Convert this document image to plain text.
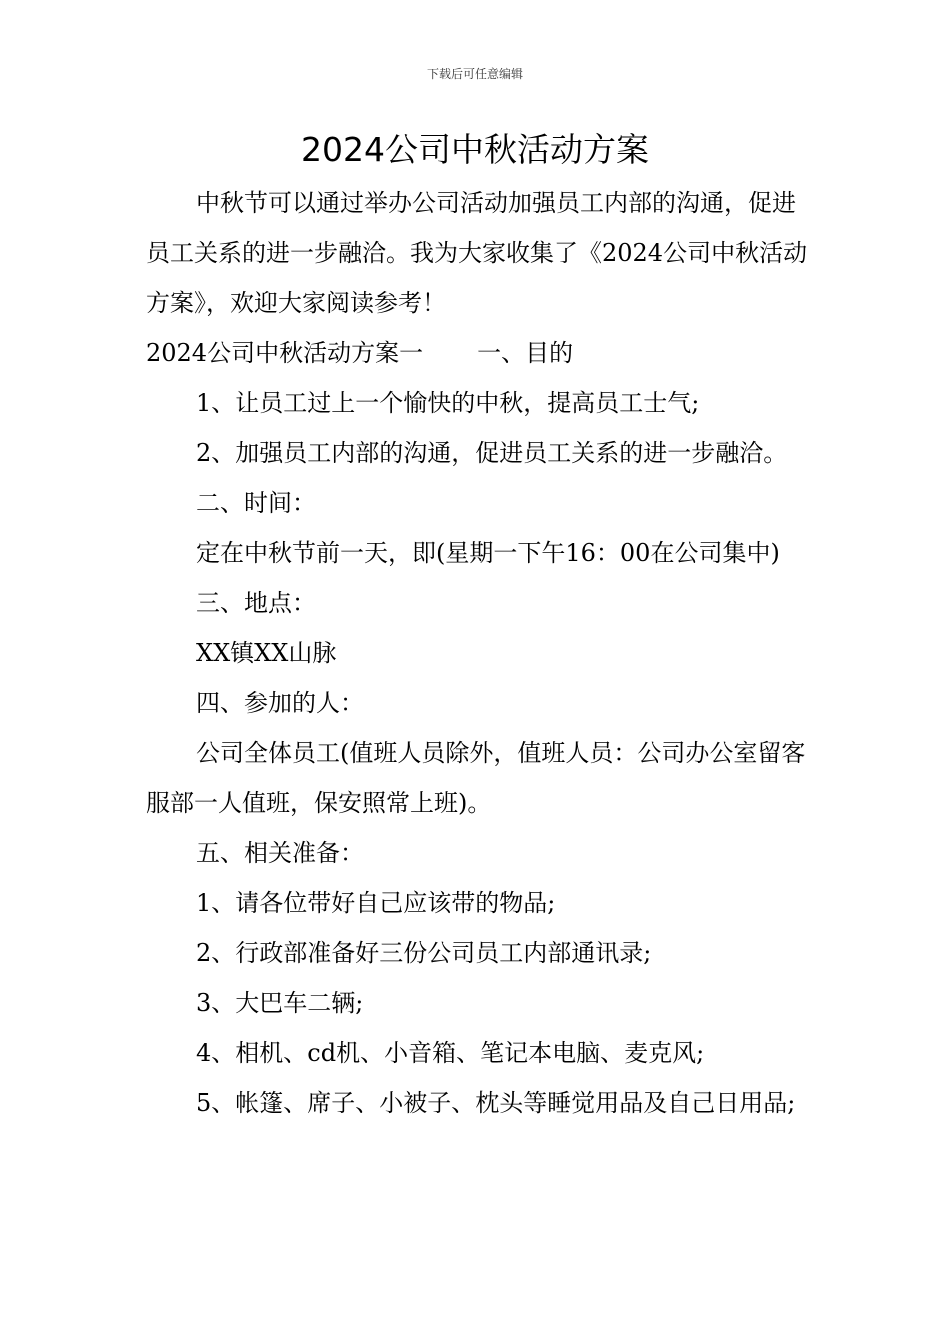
下载后可任意编辑
2024公司中秋活动方案

中秋节可以通过举办公司活动加强员工内部的沟通，促进员工关系的进一步融洽。我为大家收集了《2024公司中秋活动方案》，欢迎大家阅读参考！

2024公司中秋活动方案一 一、目的

1、让员工过上一个愉快的中秋，提高员工士气;

2、加强员工内部的沟通，促进员工关系的进一步融洽。

二、时间：

定在中秋节前一天，即(星期一下午16：00在公司集中)

三、地点：

XX镇XX山脉

四、参加的人：

公司全体员工(值班人员除外，值班人员：公司办公室留客服部一人值班，保安照常上班)。

五、相关准备：

1、请各位带好自己应该带的物品;

2、行政部准备好三份公司员工内部通讯录;

3、大巴车二辆;

4、相机、cd机、小音箱、笔记本电脑、麦克风;

5、帐篷、席子、小被子、枕头等睡觉用品及自己日用品;
